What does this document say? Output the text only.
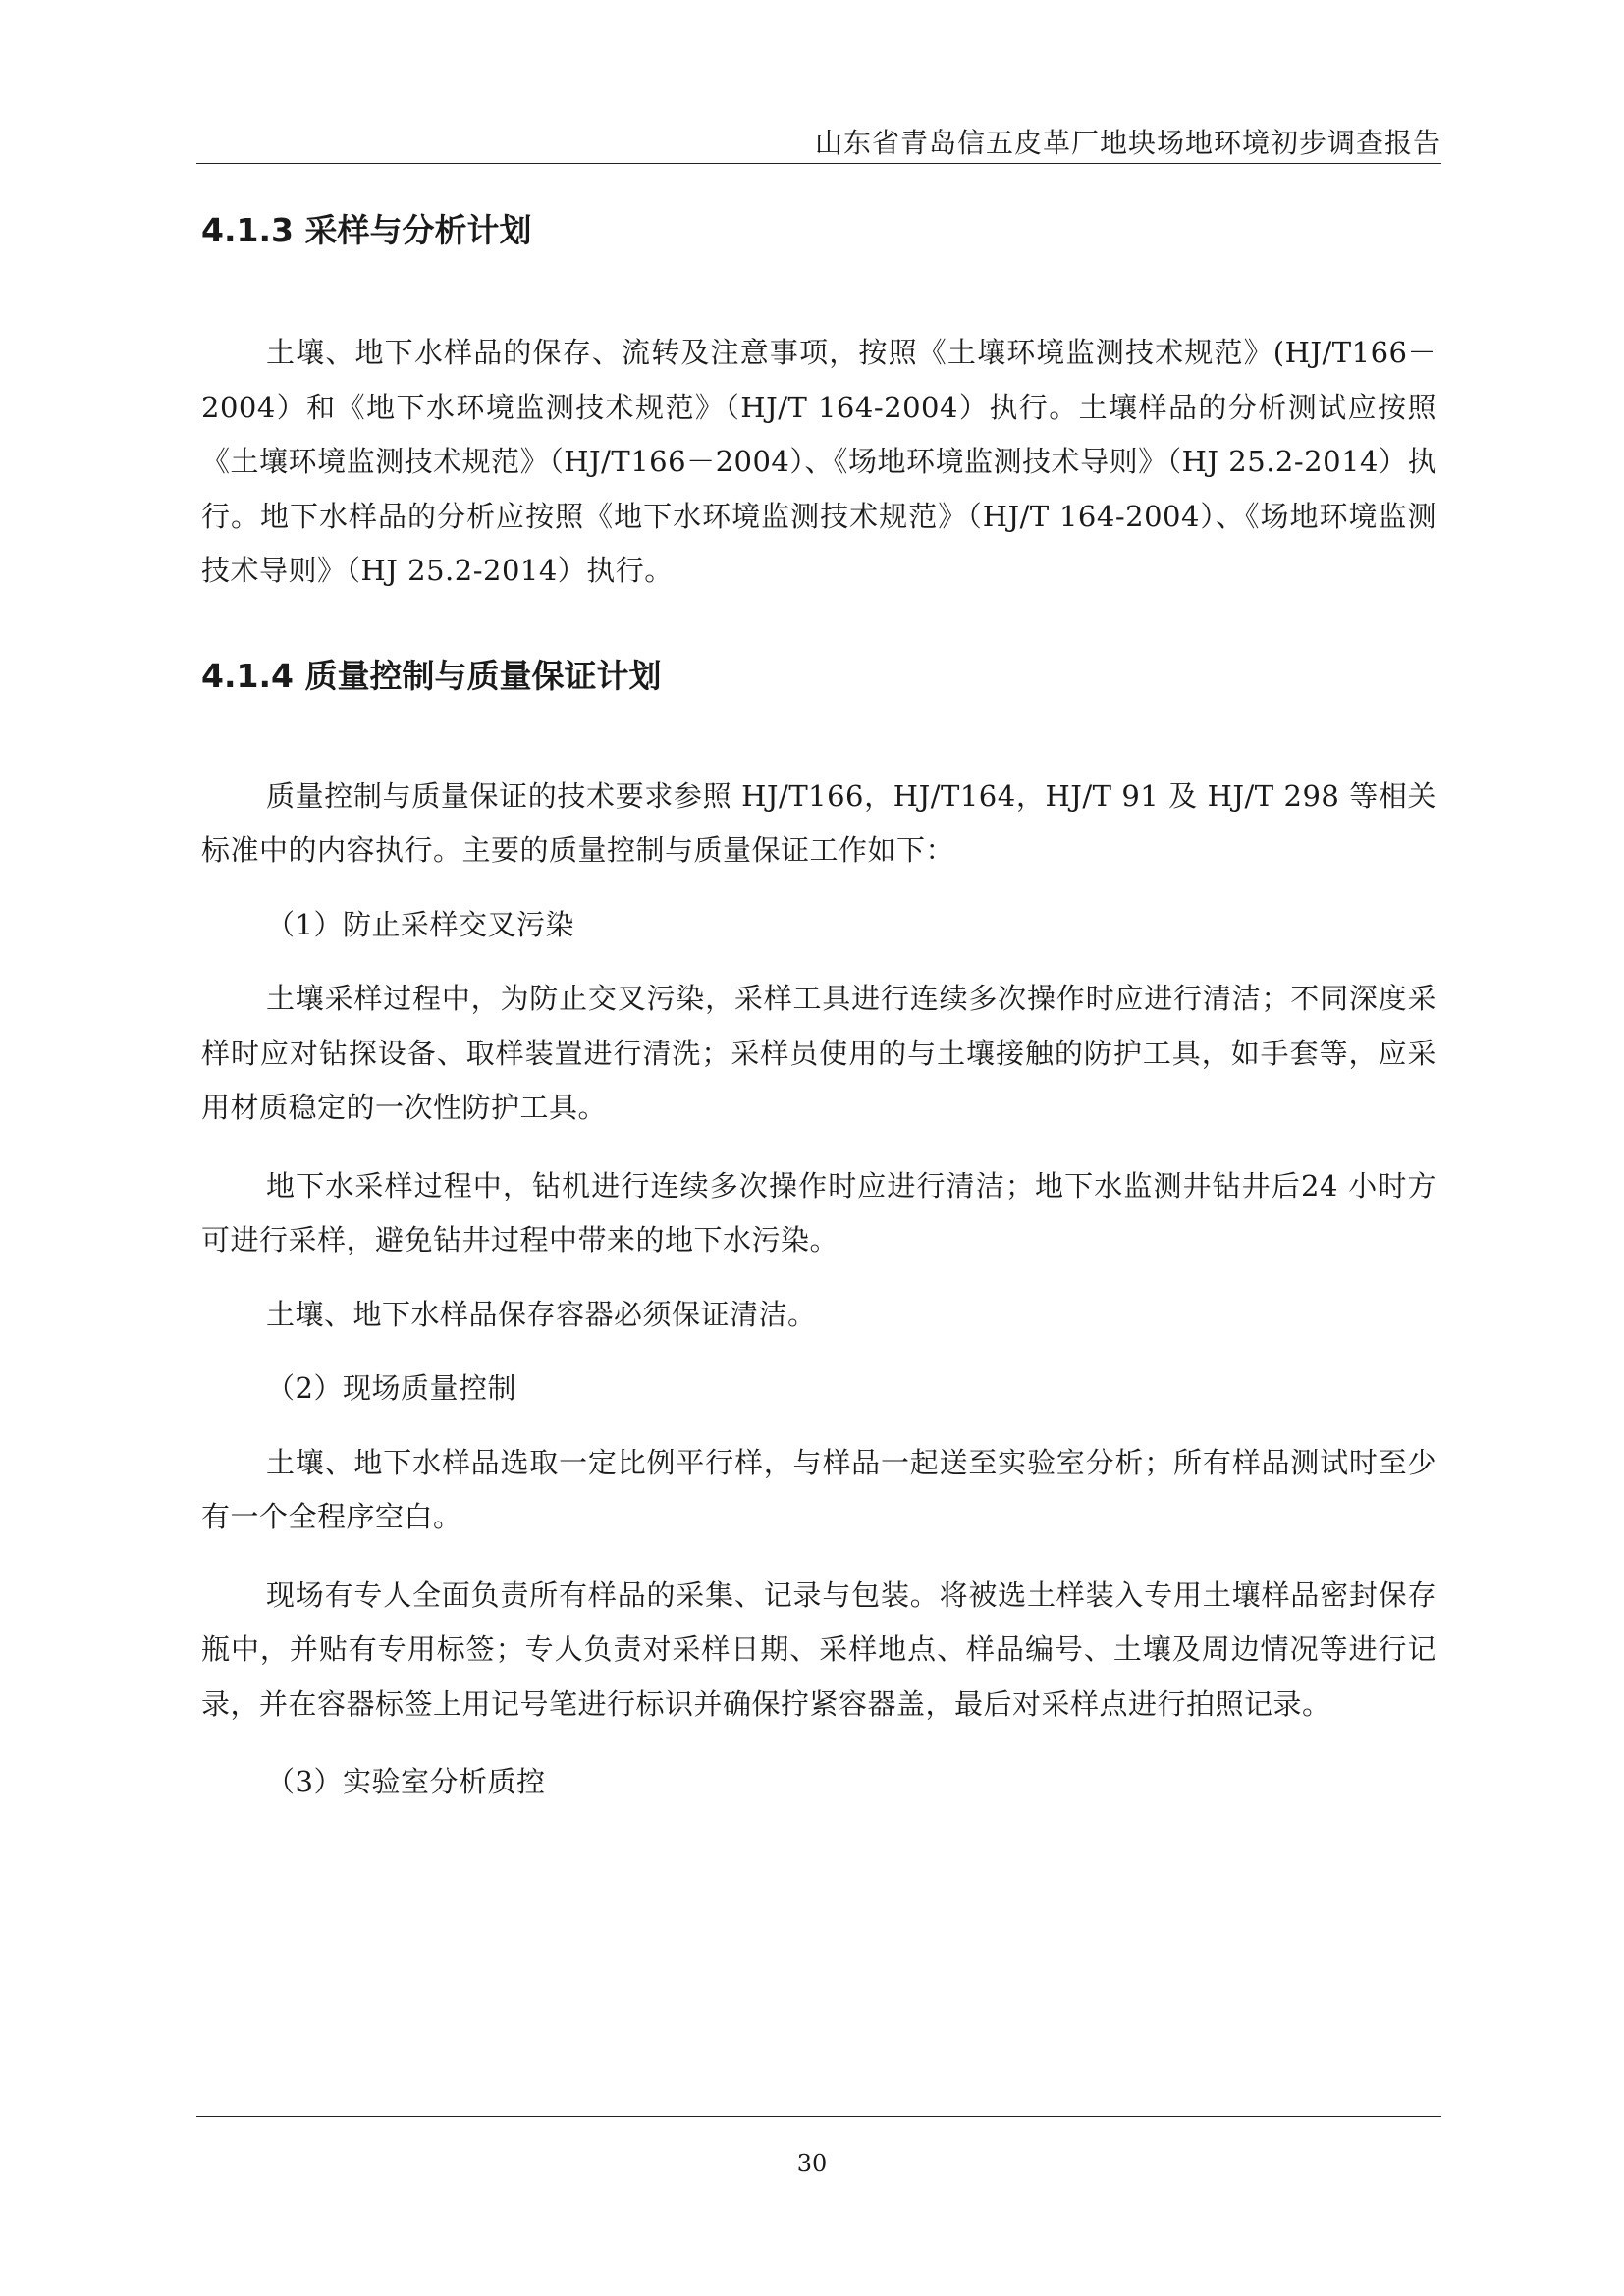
山东省青岛信五皮革厂地块场地环境初步调查报告
4.1.3 采样与分析计划

土壤、地下水样品的保存、流转及注意事项，按照《土壤环境监测技术规范》(HJ/T166－2004）和《地下水环境监测技术规范》（HJ/T 164-2004）执行。土壤样品的分析测试应按照《土壤环境监测技术规范》（HJ/T166－2004）、《场地环境监测技术导则》（HJ 25.2-2014）执行。地下水样品的分析应按照《地下水环境监测技术规范》（HJ/T 164-2004）、《场地环境监测技术导则》（HJ 25.2-2014）执行。

4.1.4 质量控制与质量保证计划

质量控制与质量保证的技术要求参照 HJ/T166，HJ/T164，HJ/T 91 及 HJ/T 298 等相关标准中的内容执行。主要的质量控制与质量保证工作如下：

（1）防止采样交叉污染

土壤采样过程中，为防止交叉污染，采样工具进行连续多次操作时应进行清洁；不同深度采样时应对钻探设备、取样装置进行清洗；采样员使用的与土壤接触的防护工具，如手套等，应采用材质稳定的一次性防护工具。

地下水采样过程中，钻机进行连续多次操作时应进行清洁；地下水监测井钻井后24 小时方可进行采样，避免钻井过程中带来的地下水污染。

土壤、地下水样品保存容器必须保证清洁。

（2）现场质量控制

土壤、地下水样品选取一定比例平行样，与样品一起送至实验室分析；所有样品测试时至少有一个全程序空白。

现场有专人全面负责所有样品的采集、记录与包装。将被选土样装入专用土壤样品密封保存瓶中，并贴有专用标签；专人负责对采样日期、采样地点、样品编号、土壤及周边情况等进行记录，并在容器标签上用记号笔进行标识并确保拧紧容器盖，最后对采样点进行拍照记录。

（3）实验室分析质控

30
